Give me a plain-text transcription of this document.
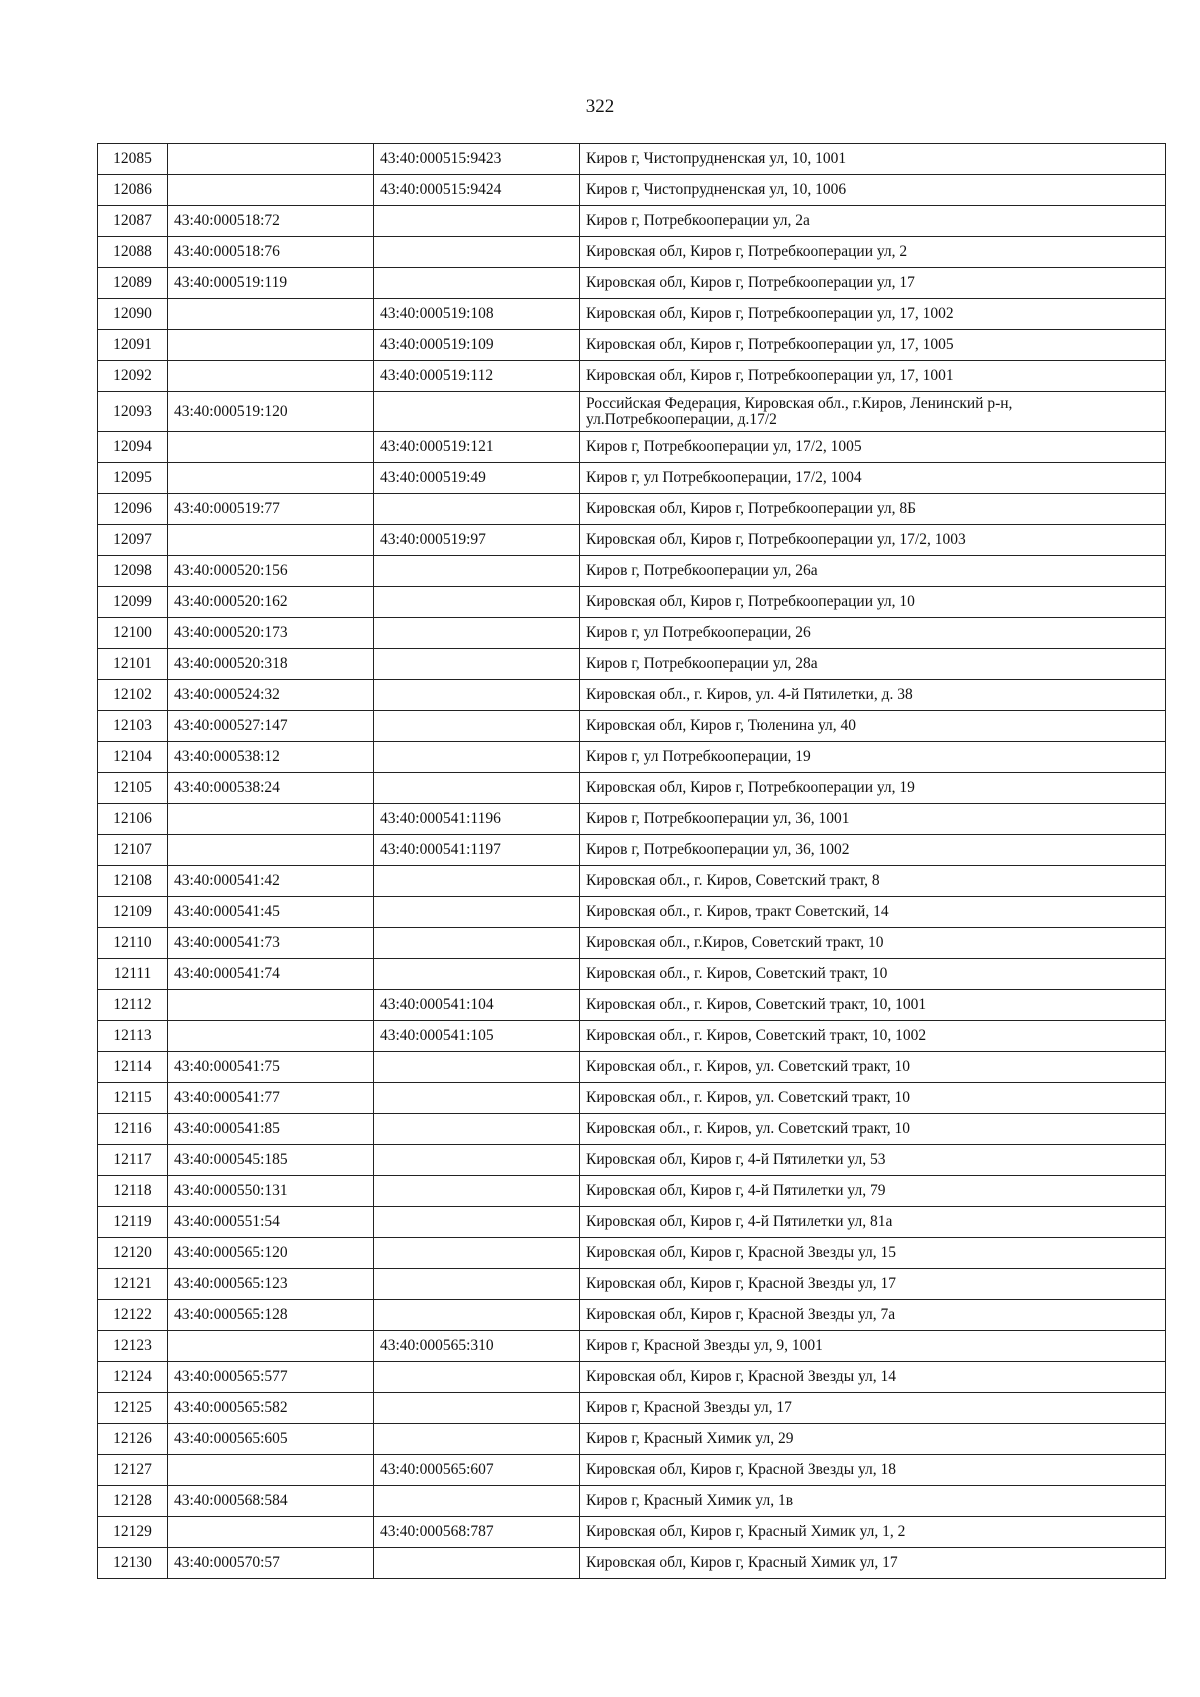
322
12085		43:40:000515:9423	Киров г, Чистопрудненская ул, 10, 1001
12086		43:40:000515:9424	Киров г, Чистопрудненская ул, 10, 1006
12087	43:40:000518:72		Киров г, Потребкооперации ул, 2а
12088	43:40:000518:76		Кировская обл, Киров г, Потребкооперации ул, 2
12089	43:40:000519:119		Кировская обл, Киров г, Потребкооперации ул, 17
12090		43:40:000519:108	Кировская обл, Киров г, Потребкооперации ул, 17, 1002
12091		43:40:000519:109	Кировская обл, Киров г, Потребкооперации ул, 17, 1005
12092		43:40:000519:112	Кировская обл, Киров г, Потребкооперации ул, 17, 1001
12093	43:40:000519:120		Российская Федерация, Кировская обл., г.Киров, Ленинский р-н, ул.Потребкооперации, д.17/2
12094		43:40:000519:121	Киров г, Потребкооперации ул, 17/2, 1005
12095		43:40:000519:49	Киров г, ул Потребкооперации, 17/2, 1004
12096	43:40:000519:77		Кировская обл, Киров г, Потребкооперации ул, 8Б
12097		43:40:000519:97	Кировская обл, Киров г, Потребкооперации ул, 17/2, 1003
12098	43:40:000520:156		Киров г, Потребкооперации ул, 26а
12099	43:40:000520:162		Кировская обл, Киров г, Потребкооперации ул, 10
12100	43:40:000520:173		Киров г, ул Потребкооперации, 26
12101	43:40:000520:318		Киров г, Потребкооперации ул, 28а
12102	43:40:000524:32		Кировская обл., г. Киров, ул. 4-й Пятилетки, д. 38
12103	43:40:000527:147		Кировская обл, Киров г, Тюленина ул, 40
12104	43:40:000538:12		Киров г, ул Потребкооперации, 19
12105	43:40:000538:24		Кировская обл, Киров г, Потребкооперации ул, 19
12106		43:40:000541:1196	Киров г, Потребкооперации ул, 36, 1001
12107		43:40:000541:1197	Киров г, Потребкооперации ул, 36, 1002
12108	43:40:000541:42		Кировская обл., г. Киров, Советский тракт, 8
12109	43:40:000541:45		Кировская обл., г. Киров, тракт Советский, 14
12110	43:40:000541:73		Кировская обл., г.Киров, Советский тракт, 10
12111	43:40:000541:74		Кировская обл., г. Киров, Советский тракт, 10
12112		43:40:000541:104	Кировская обл., г. Киров, Советский тракт, 10, 1001
12113		43:40:000541:105	Кировская обл., г. Киров, Советский тракт, 10, 1002
12114	43:40:000541:75		Кировская обл., г. Киров, ул. Советский тракт, 10
12115	43:40:000541:77		Кировская обл., г. Киров, ул. Советский тракт, 10
12116	43:40:000541:85		Кировская обл., г. Киров, ул. Советский тракт, 10
12117	43:40:000545:185		Кировская обл, Киров г, 4-й Пятилетки ул, 53
12118	43:40:000550:131		Кировская обл, Киров г, 4-й Пятилетки ул, 79
12119	43:40:000551:54		Кировская обл, Киров г, 4-й Пятилетки ул, 81а
12120	43:40:000565:120		Кировская обл, Киров г, Красной Звезды ул, 15
12121	43:40:000565:123		Кировская обл, Киров г, Красной Звезды ул, 17
12122	43:40:000565:128		Кировская обл, Киров г, Красной Звезды ул, 7а
12123		43:40:000565:310	Киров г, Красной Звезды ул, 9, 1001
12124	43:40:000565:577		Кировская обл, Киров г, Красной Звезды ул, 14
12125	43:40:000565:582		Киров г, Красной Звезды ул, 17
12126	43:40:000565:605		Киров г, Красный Химик ул, 29
12127		43:40:000565:607	Кировская обл, Киров г, Красной Звезды ул, 18
12128	43:40:000568:584		Киров г, Красный Химик ул, 1в
12129		43:40:000568:787	Кировская обл, Киров г, Красный Химик ул, 1, 2
12130	43:40:000570:57		Кировская обл, Киров г, Красный Химик ул, 17
